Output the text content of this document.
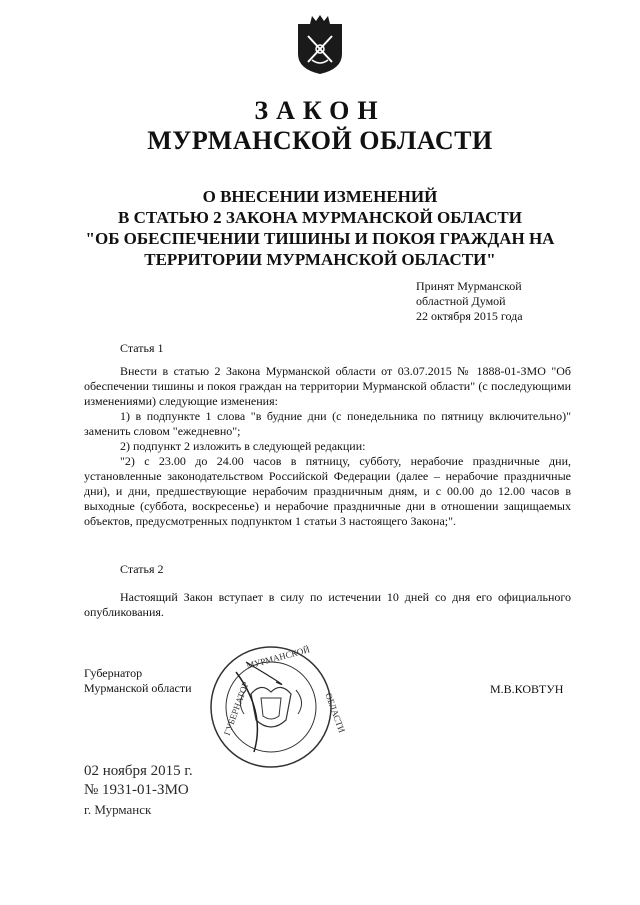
ЗАКОН
МУРМАНСКОЙ ОБЛАСТИ
О ВНЕСЕНИИ ИЗМЕНЕНИЙ
В СТАТЬЮ 2 ЗАКОНА МУРМАНСКОЙ ОБЛАСТИ
"ОБ ОБЕСПЕЧЕНИИ ТИШИНЫ И ПОКОЯ ГРАЖДАН НА
ТЕРРИТОРИИ МУРМАНСКОЙ ОБЛАСТИ"
Принят Мурманской
областной Думой
22 октября 2015 года
Статья 1

Внести в статью 2 Закона Мурманской области от 03.07.2015 № 1888-01-ЗМО "Об обеспечении тишины и покоя граждан на территории Мурманской области" (с последующими изменениями) следующие изменения:

1) в подпункте 1 слова "в будние дни (с понедельника по пятницу включительно)" заменить словом "ежедневно";

2) подпункт 2 изложить в следующей редакции:

"2) с 23.00 до 24.00 часов в пятницу, субботу, нерабочие праздничные дни, установленные законодательством Российской Федерации (далее – нерабочие праздничные дни), и дни, предшествующие нерабочим праздничным дням, и с 00.00 до 12.00 часов в выходные (суббота, воскресенье) и нерабочие праздничные дни в отношении защищаемых объектов, предусмотренных подпунктом 1 статьи 3 настоящего Закона;".

Статья 2

Настоящий Закон вступает в силу по истечении 10 дней со дня его официального опубликования.

Губернатор
Мурманской области
МУРМАНСКОЙ
ГУБЕРНАТОР	ОБЛАСТИ
М.В.КОВТУН
02 ноября 2015 г.
№ 1931-01-ЗМО
г. Мурманск
